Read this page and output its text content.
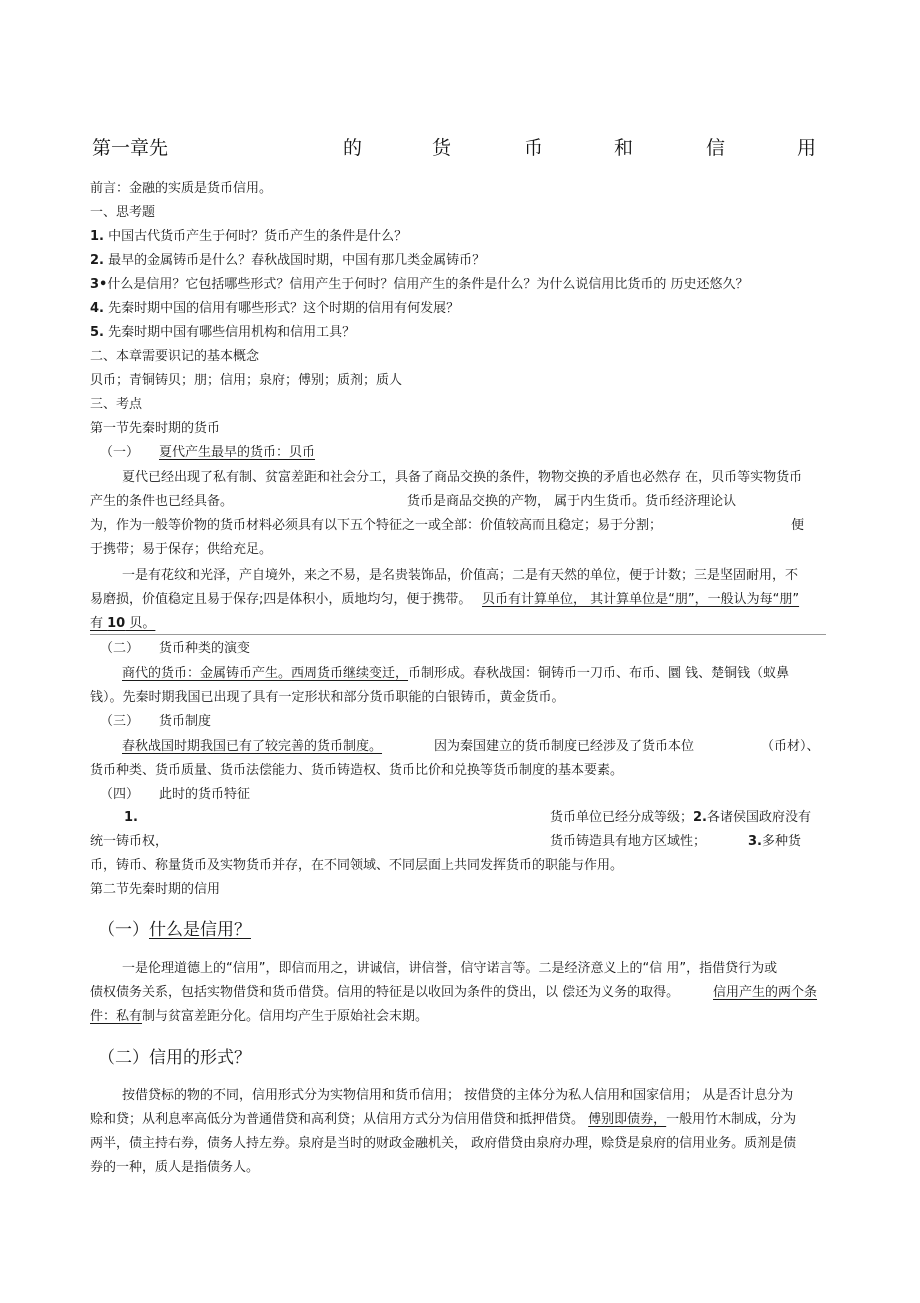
第一章先	的	货	币	和	信	用
前言：金融的实质是货币信用。
一、思考题
1. 中国古代货币产生于何时？货币产生的条件是什么？
2. 最早的金属铸币是什么？春秋战国时期，中国有那几类金属铸币？
3•什么是信用？它包括哪些形式？信用产生于何时？信用产生的条件是什么？为什么说信用比货币的 历史还悠久？
4. 先秦时期中国的信用有哪些形式？这个时期的信用有何发展？
5. 先秦时期中国有哪些信用机构和信用工具？
二、本章需要识记的基本概念
贝币；青铜铸贝；朋；信用；泉府；傅别；质剂；质人
三、考点
第一节先秦时期的货币
（一） 夏代产生最早的货币：贝币
夏代已经出现了私有制、贫富差距和社会分工，具备了商品交换的条件，物物交换的矛盾也必然存 在，贝币等实物货币
产生的条件也已经具备。	货币是商品交换的产物， 属于内生货币。货币经济理论认
为，作为一般等价物的货币材料必须具有以下五个特征之一或全部：价值较高而且稳定；易于分割；	便
于携带；易于保存；供给充足。
一是有花纹和光泽，产自境外，来之不易，是名贵装饰品，价值高；二是有天然的单位，便于计数；三是坚固耐用，不
易磨损，价值稳定且易于保存;四是体积小，质地均匀，便于携带。 贝币有计算单位， 其计算单位是“朋”，一般认为每“朋”
有 10 贝。
（二） 货币种类的演变
商代的货币：金属铸币产生。西周货币继续变迁，币制形成。春秋战国：铜铸币一刀币、布币、圜 钱、楚铜钱（蚁鼻
钱）。先秦时期我国已出现了具有一定形状和部分货币职能的白银铸币，黄金货币。
（三） 货币制度
春秋战国时期我国已有了较完善的货币制度。	因为秦国建立的货币制度已经涉及了货币本位	（币材）、
货币种类、货币质量、货币法偿能力、货币铸造权、货币比价和兑换等货币制度的基本要素。
（四） 此时的货币特征
1.	货币单位已经分成等级；2.各诸侯国政府没有
统一铸币权，	货币铸造具有地方区域性；	3.多种货
币，铸币、称量货币及实物货币并存，在不同领域、不同层面上共同发挥货币的职能与作用。
第二节先秦时期的信用
（一）什么是信用？
一是伦理道德上的“信用”，即信而用之，讲诚信，讲信誉，信守诺言等。二是经济意义上的“信 用”，指借贷行为或
债权债务关系，包括实物借贷和货币借贷。信用的特征是以收回为条件的贷出，以 偿还为义务的取得。	信用产生的两个条
件：私有制与贫富差距分化。信用均产生于原始社会末期。
（二）信用的形式？
按借贷标的物的不同，信用形式分为实物信用和货币信用； 按借贷的主体分为私人信用和国家信用； 从是否计息分为
赊和贷；从利息率高低分为普通借贷和高利贷；从信用方式分为信用借贷和抵押借贷。 傅别即债券，一般用竹木制成，分为
两半，债主持右券，债务人持左券。泉府是当时的财政金融机关， 政府借贷由泉府办理，赊贷是泉府的信用业务。质剂是债
券的一种，质人是指债务人。
